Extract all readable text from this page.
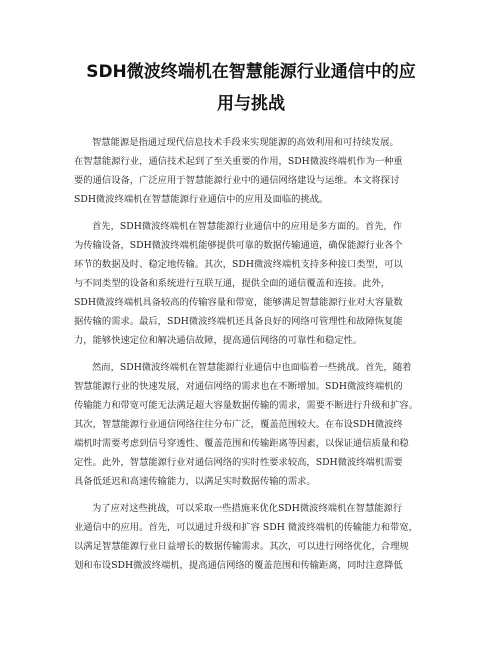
SDH微波终端机在智慧能源行业通信中的应
用与挑战
智慧能源是指通过现代信息技术手段来实现能源的高效利用和可持续发展。
在智慧能源行业，通信技术起到了至关重要的作用，SDH微波终端机作为一种重
要的通信设备，广泛应用于智慧能源行业中的通信网络建设与运维。本文将探讨
SDH微波终端机在智慧能源行业通信中的应用及面临的挑战。
首先，SDH微波终端机在智慧能源行业通信中的应用是多方面的。首先，作
为传输设备，SDH微波终端机能够提供可靠的数据传输通道，确保能源行业各个
环节的数据及时、稳定地传输。其次，SDH微波终端机支持多种接口类型，可以
与不同类型的设备和系统进行互联互通，提供全面的通信覆盖和连接。此外，
SDH微波终端机具备较高的传输容量和带宽，能够满足智慧能源行业对大容量数
据传输的需求。最后，SDH微波终端机还具备良好的网络可管理性和故障恢复能
力，能够快速定位和解决通信故障，提高通信网络的可靠性和稳定性。
然而，SDH微波终端机在智慧能源行业通信中也面临着一些挑战。首先，随着
智慧能源行业的快速发展，对通信网络的需求也在不断增加。SDH微波终端机的
传输能力和带宽可能无法满足超大容量数据传输的需求，需要不断进行升级和扩容。
其次，智慧能源行业通信网络往往分布广泛，覆盖范围较大。在布设SDH微波终
端机时需要考虑到信号穿透性、覆盖范围和传输距离等因素，以保证通信质量和稳
定性。此外，智慧能源行业对通信网络的实时性要求较高，SDH微波终端机需要
具备低延迟和高速传输能力，以满足实时数据传输的需求。
为了应对这些挑战，可以采取一些措施来优化SDH微波终端机在智慧能源行
业通信中的应用。首先，可以通过升级和扩容 SDH 微波终端机的传输能力和带宽，
以满足智慧能源行业日益增长的数据传输需求。其次，可以进行网络优化，合理规
划和布设SDH微波终端机，提高通信网络的覆盖范围和传输距离，同时注意降低
